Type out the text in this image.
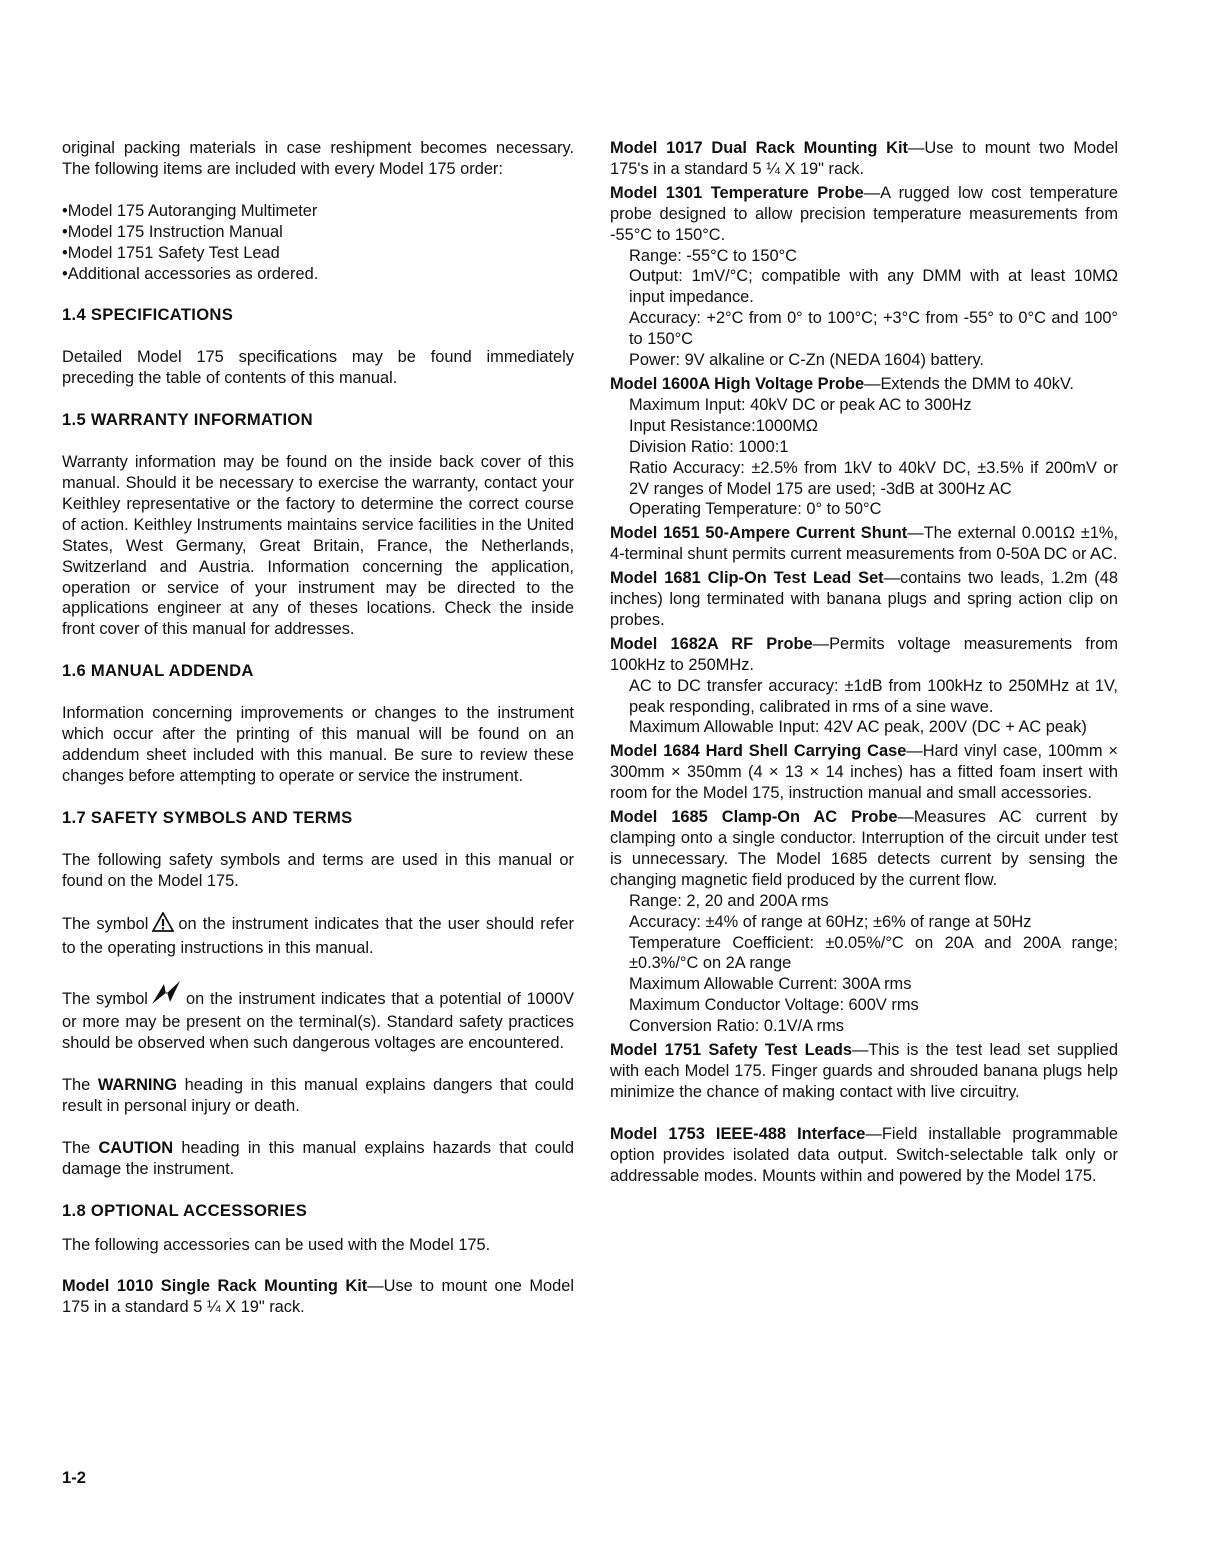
original packing materials in case reshipment becomes necessary. The following items are included with every Model 175 order:

•Model 175 Autoranging Multimeter
•Model 175 Instruction Manual
•Model 1751 Safety Test Lead
•Additional accessories as ordered.
1.4 SPECIFICATIONS

Detailed Model 175 specifications may be found immediately preceding the table of contents of this manual.

1.5 WARRANTY INFORMATION

Warranty information may be found on the inside back cover of this manual. Should it be necessary to exercise the warranty, contact your Keithley representative or the factory to determine the correct course of action. Keithley Instruments maintains service facilities in the United States, West Germany, Great Britain, France, the Netherlands, Switzerland and Austria. Information concerning the application, operation or service of your instrument may be directed to the applications engineer at any of theses locations. Check the inside front cover of this manual for addresses.

1.6 MANUAL ADDENDA

Information concerning improvements or changes to the instrument which occur after the printing of this manual will be found on an addendum sheet included with this manual. Be sure to review these changes before attempting to operate or service the instrument.

1.7 SAFETY SYMBOLS AND TERMS

The following safety symbols and terms are used in this manual or found on the Model 175.

The symbol on the instrument indicates that the user should refer to the operating instructions in this manual.

The symbol on the instrument indicates that a potential of 1000V or more may be present on the terminal(s). Standard safety practices should be observed when such dangerous voltages are encountered.

The WARNING heading in this manual explains dangers that could result in personal injury or death.

The CAUTION heading in this manual explains hazards that could damage the instrument.

1.8 OPTIONAL ACCESSORIES

The following accessories can be used with the Model 175.

Model 1010 Single Rack Mounting Kit—Use to mount one Model 175 in a standard 5 ¼ X 19" rack.

Model 1017 Dual Rack Mounting Kit—Use to mount two Model 175's in a standard 5 ¼ X 19" rack.

Model 1301 Temperature Probe—A rugged low cost temperature probe designed to allow precision temperature measurements from -55°C to 150°C.

Range: -55°C to 150°C
Output: 1mV/°C; compatible with any DMM with at least 10MΩ input impedance.
Accuracy: +2°C from 0° to 100°C; +3°C from -55° to 0°C and 100° to 150°C
Power: 9V alkaline or C-Zn (NEDA 1604) battery.

Model 1600A High Voltage Probe—Extends the DMM to 40kV.

Maximum Input: 40kV DC or peak AC to 300Hz
Input Resistance:1000MΩ
Division Ratio: 1000:1
Ratio Accuracy: ±2.5% from 1kV to 40kV DC, ±3.5% if 200mV or 2V ranges of Model 175 are used; -3dB at 300Hz AC
Operating Temperature: 0° to 50°C

Model 1651 50-Ampere Current Shunt—The external 0.001Ω ±1%, 4-terminal shunt permits current measurements from 0-50A DC or AC.

Model 1681 Clip-On Test Lead Set—contains two leads, 1.2m (48 inches) long terminated with banana plugs and spring action clip on probes.

Model 1682A RF Probe—Permits voltage measurements from 100kHz to 250MHz.

AC to DC transfer accuracy: ±1dB from 100kHz to 250MHz at 1V, peak responding, calibrated in rms of a sine wave.
Maximum Allowable Input: 42V AC peak, 200V (DC + AC peak)

Model 1684 Hard Shell Carrying Case—Hard vinyl case, 100mm × 300mm × 350mm (4 × 13 × 14 inches) has a fitted foam insert with room for the Model 175, instruction manual and small accessories.

Model 1685 Clamp-On AC Probe—Measures AC current by clamping onto a single conductor. Interruption of the circuit under test is unnecessary. The Model 1685 detects current by sensing the changing magnetic field produced by the current flow.

Range: 2, 20 and 200A rms
Accuracy: ±4% of range at 60Hz; ±6% of range at 50Hz
Temperature Coefficient: ±0.05%/°C on 20A and 200A range; ±0.3%/°C on 2A range
Maximum Allowable Current: 300A rms
Maximum Conductor Voltage: 600V rms
Conversion Ratio: 0.1V/A rms

Model 1751 Safety Test Leads—This is the test lead set supplied with each Model 175. Finger guards and shrouded banana plugs help minimize the chance of making contact with live circuitry.

Model 1753 IEEE-488 Interface—Field installable programmable option provides isolated data output. Switch-selectable talk only or addressable modes. Mounts within and powered by the Model 175.

1-2
